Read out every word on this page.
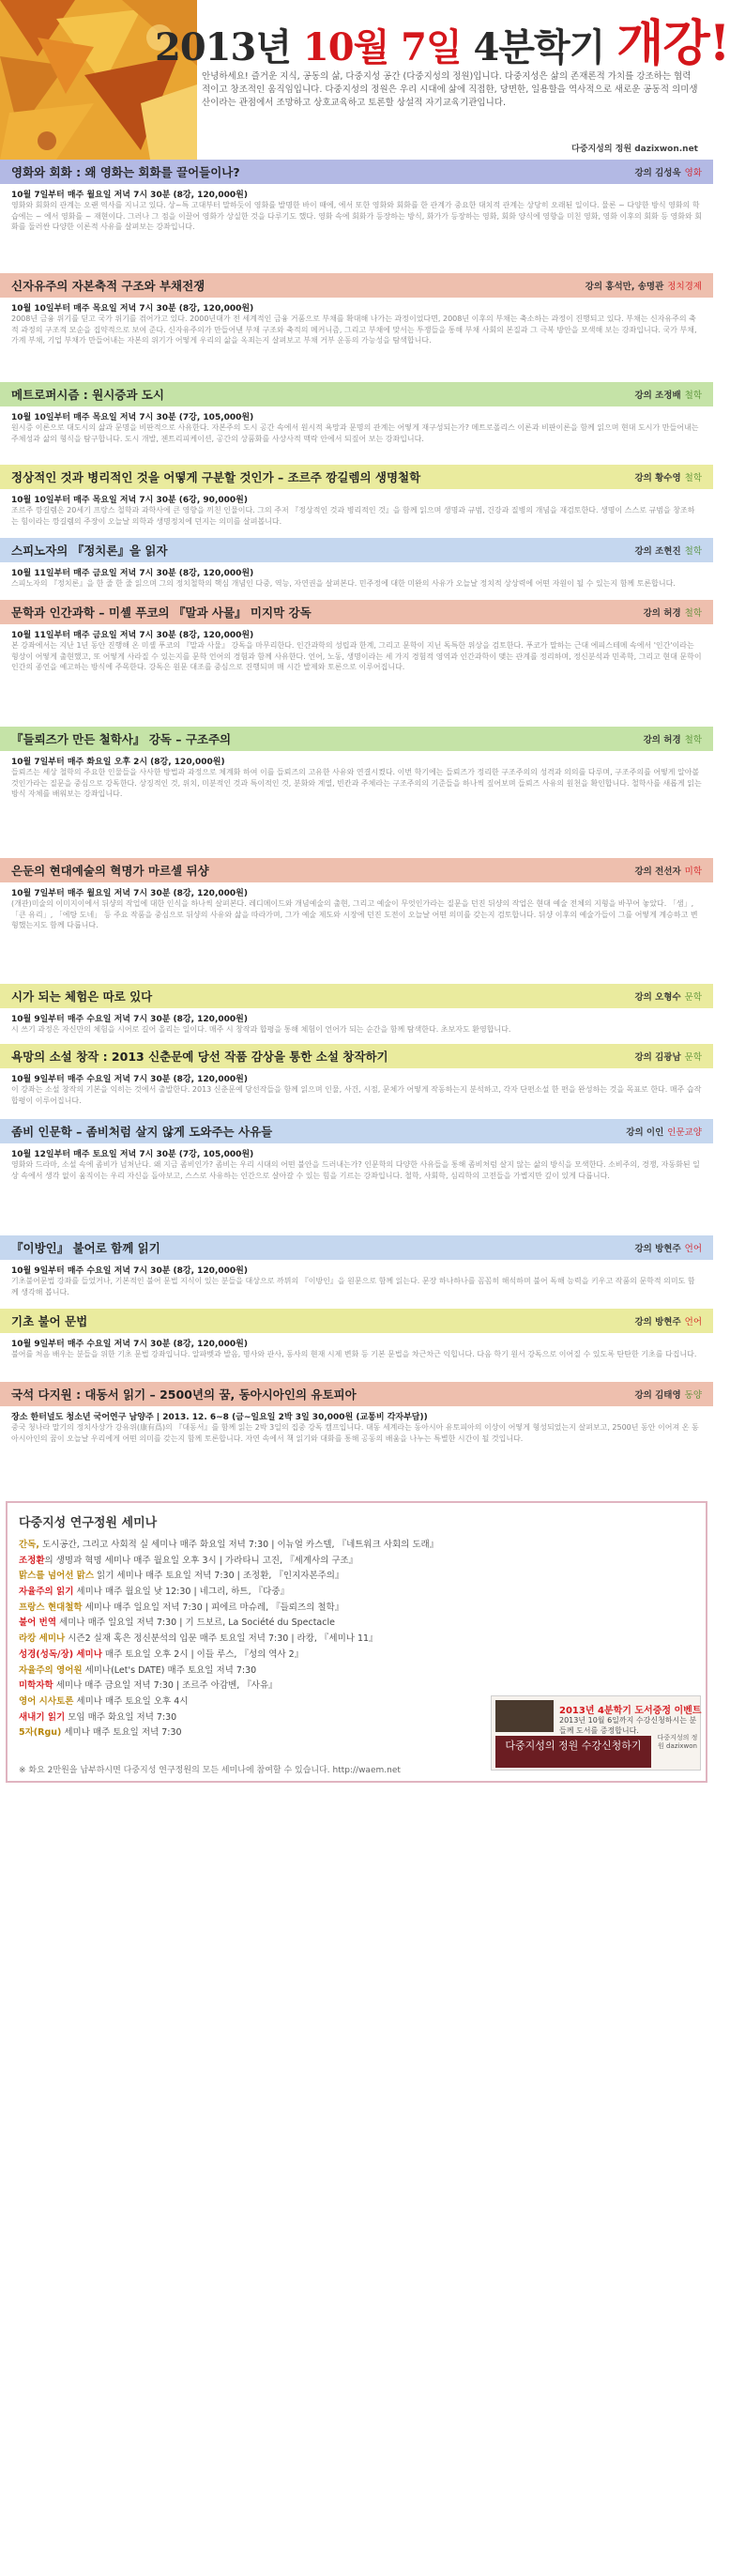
2013년 10월 7일 4분학기 개강!
안녕하세요! 즐거운 지식, 공동의 삶, 다중지성 공간 (다중지성의 정원)입니다. 다중지성은 삶의 존재론적 가치를 강조하는 협력적이고 창조적인 움직임입니다. 다중지성의 정원은 우리 시대에 삶에 직접한, 당면한, 일용할을 역사적으로 새로운 공동적 의미생산이라는 관점에서 조망하고 상호교육하고 토론할 상설적 자기교육기관입니다.
다중지성의 정원 dazixwon.net
영화와 회화 : 왜 영화는 회화를 끌어들이나?	강의 김성욱 영화
10월 7일부터 매주 월요일 저녁 7시 30분 (8강, 120,000원)
영화와 회화의 관계는 오랜 역사를 지니고 있다. 상~특 고대부터 말하듯이 영화를 발명한 바이 때에, 에서 또한 영화와 회화를 한 관계가 중요한 대치적 관계는 상당히 오래된 일이다. 물론 ~ 다양한 방식 영화의 학습에는 ~ 에서 영화를 ~ 재현이다. 그러나 그 점을 이끌어 영화가 상실한 것을 다루기도 했다. 영화 속에 회화가 등장하는 방식, 화가가 등장하는 영화, 회화 양식에 영향을 미친 영화, 영화 이후의 회화 등 영화와 회화를 둘러싼 다양한 이론적 사유를 살펴보는 강좌입니다.
신자유주의 자본축적 구조와 부채전쟁	강의 홍석만, 송명관 정치경제
10월 10일부터 매주 목요일 저녁 7시 30분 (8강, 120,000원)
2008년 금융 위기를 딛고 국가 위기를 겪어가고 있다. 2000년대가 전 세계적인 금융 거품으로 부채를 확대해 나가는 과정이었다면, 2008년 이후의 부채는 축소하는 과정이 진행되고 있다. 부채는 신자유주의 축적 과정의 구조적 모순을 집약적으로 보여 준다. 신자유주의가 만들어낸 부채 구조와 축적의 메커니즘, 그리고 부채에 맞서는 투쟁들을 통해 부채 사회의 본질과 그 극복 방안을 모색해 보는 강좌입니다. 국가 부채, 가계 부채, 기업 부채가 만들어내는 자본의 위기가 어떻게 우리의 삶을 옥죄는지 살펴보고 부채 거부 운동의 가능성을 탐색합니다.
메트로퍼시즘 : 원시증과 도시	강의 조정배 철학
10월 10일부터 매주 목요일 저녁 7시 30분 (7강, 105,000원)
원시증 이론으로 대도시의 삶과 문명을 비판적으로 사유한다. 자본주의 도시 공간 속에서 원시적 욕망과 문명의 관계는 어떻게 재구성되는가? 메트로폴리스 이론과 비판이론을 함께 읽으며 현대 도시가 만들어내는 주체성과 삶의 형식을 탐구합니다. 도시 개발, 젠트리피케이션, 공간의 상품화를 사상사적 맥락 안에서 되짚어 보는 강좌입니다.
정상적인 것과 병리적인 것을 어떻게 구분할 것인가 – 조르주 깡길렘의 생명철학	강의 황수영 철학
10월 10일부터 매주 목요일 저녁 7시 30분 (6강, 90,000원)
조르주 깡길렘은 20세기 프랑스 철학과 과학사에 큰 영향을 끼친 인물이다. 그의 주저 『정상적인 것과 병리적인 것』을 함께 읽으며 생명과 규범, 건강과 질병의 개념을 재검토한다. 생명이 스스로 규범을 창조하는 힘이라는 깡길렘의 주장이 오늘날 의학과 생명정치에 던지는 의미를 살펴봅니다.
스피노자의 『정치론』을 읽자	강의 조현진 철학
10월 11일부터 매주 금요일 저녁 7시 30분 (8강, 120,000원)
스피노자의 『정치론』을 한 줄 한 줄 읽으며 그의 정치철학의 핵심 개념인 다중, 역능, 자연권을 살펴본다. 민주정에 대한 미완의 사유가 오늘날 정치적 상상력에 어떤 자원이 될 수 있는지 함께 토론합니다.
문학과 인간과학 – 미셸 푸코의 『말과 사물』 미지막 강독	강의 허경 철학
10월 11일부터 매주 금요일 저녁 7시 30분 (8강, 120,000원)
본 강좌에서는 지난 1년 동안 진행해 온 미셸 푸코의 『말과 사물』 강독을 마무리한다. 인간과학의 성립과 한계, 그리고 문학이 지닌 독특한 위상을 검토한다. 푸코가 말하는 근대 에피스테메 속에서 '인간'이라는 형상이 어떻게 출현했고, 또 어떻게 사라질 수 있는지를 문학 언어의 경험과 함께 사유한다. 언어, 노동, 생명이라는 세 가지 경험적 영역과 인간과학이 맺는 관계를 정리하며, 정신분석과 민족학, 그리고 현대 문학이 인간의 종언을 예고하는 방식에 주목한다. 강독은 원문 대조를 중심으로 진행되며 매 시간 발제와 토론으로 이루어집니다.
『들뢰즈가 만든 철학사』 강독 – 구조주의	강의 허경 철학
10월 7일부터 매주 화요일 오후 2시 (8강, 120,000원)
들뢰즈는 세상 철학의 주요한 인물들을 사사한 방법과 과정으로 체계화 하여 이를 들뢰즈의 고유한 사유와 연결시켰다. 이번 학기에는 들뢰즈가 정리한 구조주의의 성격과 의의를 다루며, 구조주의를 어떻게 알아볼 것인가라는 질문을 중심으로 강독한다. 상징적인 것, 위치, 미분적인 것과 특이적인 것, 분화와 계열, 빈칸과 주체라는 구조주의의 기준들을 하나씩 짚어보며 들뢰즈 사유의 원천을 확인합니다. 철학사를 새롭게 읽는 방식 자체를 배워보는 강좌입니다.
은둔의 현대예술의 혁명가 마르셀 뒤샹	강의 전선자 미학
10월 7일부터 매주 월요일 저녁 7시 30분 (8강, 120,000원)
(개관)미술의 이미지이에서 뒤샹의 작업에 대한 인식을 하나씩 살펴본다. 레디메이드와 개념예술의 출현, 그리고 예술이 무엇인가라는 질문을 던진 뒤샹의 작업은 현대 예술 전체의 지형을 바꾸어 놓았다. 「샘」, 「큰 유리」, 「에탕 도네」 등 주요 작품을 중심으로 뒤샹의 사유와 삶을 따라가며, 그가 예술 제도와 시장에 던진 도전이 오늘날 어떤 의미를 갖는지 검토합니다. 뒤샹 이후의 예술가들이 그를 어떻게 계승하고 변형했는지도 함께 다룹니다.
시가 되는 체험은 따로 있다	강의 오형수 문학
10월 9일부터 매주 수요일 저녁 7시 30분 (8강, 120,000원)
시 쓰기 과정은 자신만의 체험을 시어로 길어 올리는 일이다. 매주 시 창작과 합평을 통해 체험이 언어가 되는 순간을 함께 탐색한다. 초보자도 환영합니다.
욕망의 소설 창작 : 2013 신춘문예 당선 작품 감상을 통한 소설 창작하기	강의 김광남 문학
10월 9일부터 매주 수요일 저녁 7시 30분 (8강, 120,000원)
이 강좌는 소설 창작의 기본을 익히는 것에서 출발한다. 2013 신춘문예 당선작들을 함께 읽으며 인물, 사건, 시점, 문체가 어떻게 작동하는지 분석하고, 각자 단편소설 한 편을 완성하는 것을 목표로 한다. 매주 습작 합평이 이루어집니다.
좀비 인문학 – 좀비처럼 살지 않게 도와주는 사유들	강의 이인 인문교양
10월 12일부터 매주 토요일 저녁 7시 30분 (7강, 105,000원)
영화와 드라마, 소설 속에 좀비가 넘쳐난다. 왜 지금 좀비인가? 좀비는 우리 시대의 어떤 불안을 드러내는가? 인문학의 다양한 사유들을 통해 좀비처럼 살지 않는 삶의 방식을 모색한다. 소비주의, 경쟁, 자동화된 일상 속에서 생각 없이 움직이는 우리 자신을 돌아보고, 스스로 사유하는 인간으로 살아갈 수 있는 힘을 기르는 강좌입니다. 철학, 사회학, 심리학의 고전들을 가볍지만 깊이 있게 다룹니다.
『이방인』 불어로 함께 읽기	강의 방현주 언어
10월 9일부터 매주 수요일 저녁 7시 30분 (8강, 120,000원)
기초불어문법 강좌를 들었거나, 기본적인 불어 문법 지식이 있는 분들을 대상으로 까뮈의 『이방인』을 원문으로 함께 읽는다. 문장 하나하나를 꼼꼼히 해석하며 불어 독해 능력을 키우고 작품의 문학적 의미도 함께 생각해 봅니다.
기초 불어 문법	강의 방현주 언어
10월 9일부터 매주 수요일 저녁 7시 30분 (8강, 120,000원)
불어를 처음 배우는 분들을 위한 기초 문법 강좌입니다. 알파벳과 발음, 명사와 관사, 동사의 현재 시제 변화 등 기본 문법을 차근차근 익힙니다. 다음 학기 원서 강독으로 이어질 수 있도록 탄탄한 기초를 다집니다.
국석 다지원 : 대동서 읽기 – 2500년의 꿈, 동아시아인의 유토피아	강의 김태영 동양
장소 한터널도 청소년 국어연구 남양주 | 2013. 12. 6~8 (금~일요일 2박 3일 30,000원 (교통비 각자부담))
중국 청나라 말기의 정치사상가 강유위(康有爲)의 『대동서』를 함께 읽는 2박 3일의 집중 강독 캠프입니다. 대동 세계라는 동아시아 유토피아의 이상이 어떻게 형성되었는지 살펴보고, 2500년 동안 이어져 온 동아시아인의 꿈이 오늘날 우리에게 어떤 의미를 갖는지 함께 토론합니다. 자연 속에서 책 읽기와 대화를 통해 공동의 배움을 나누는 특별한 시간이 될 것입니다.
다중지성 연구정원 세미나
간독, 도시공간, 그리고 사회적 실 세미나 매주 화요일 저녁 7:30 | 이뉴얼 카스텔, 『네트워크 사회의 도래』
조정환의 생명과 혁명 세미나 매주 월요일 오후 3시 | 가라타니 고진, 『세계사의 구조』
맑스를 넘어선 맑스 읽기 세미나 매주 토요일 저녁 7:30 | 조정환, 『인지자본주의』
자율주의 읽기 세미나 매주 월요일 낮 12:30 | 네그리, 하트, 『다중』
프랑스 현대철학 세미나 매주 일요일 저녁 7:30 | 피에르 마슈레, 『들뢰즈의 철학』
불어 번역 세미나 매주 일요일 저녁 7:30 | 기 드보르, La Société du Spectacle
라캉 세미나 시즌2 실재 혹은 정신분석의 입문 매주 토요일 저녁 7:30 | 라캉, 『세미나 11』
성경(성독/장) 세미나 매주 토요일 오후 2시 | 이들 루스, 『성의 역사 2』
자율주의 영어원 세미나(Let's DATE) 매주 토요일 저녁 7:30
미학자학 세미나 매주 금요일 저녁 7:30 | 조르주 아감벤, 『사유』
영어 시사토론 세미나 매주 토요일 오후 4시
새내기 읽기 모임 매주 화요일 저녁 7:30
5자(Rgu) 세미나 매주 토요일 저녁 7:30
2013년 4분학기 도서증정 이벤트
2013년 10월 6일까지 수강신청하시는 분들께 도서를 증정합니다.
다중지성의 정원 수강신청하기
다중지성의 정원 dazixwon
※ 화요 2만원을 납부하시면 다중지성 연구정원의 모든 세미나에 참여할 수 있습니다. http://waem.net
